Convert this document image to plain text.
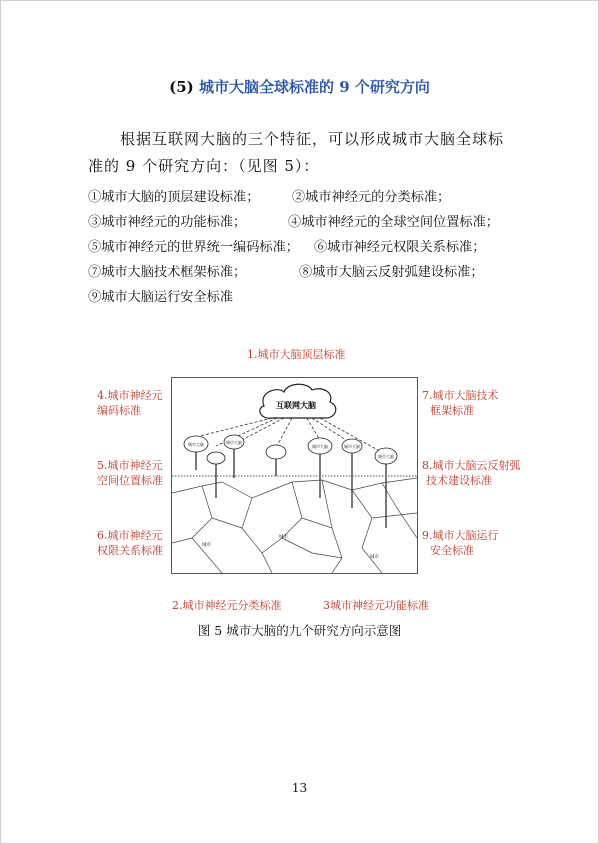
(5) 城市大脑全球标准的 9 个研究方向
根据互联网大脑的三个特征，可以形成城市大脑全球标准的 9 个研究方向：（见图 5）：
①城市大脑的顶层建设标准； ②城市神经元的分类标准；
③城市神经元的功能标准；	④城市神经元的全球空间位置标准；
⑤城市神经元的世界统一编码标准； ⑥城市神经元权限关系标准；
⑦城市大脑技术框架标准；	⑧城市大脑云反射弧建设标准；
⑨城市大脑运行安全标准
1.城市大脑顶层标准
4.城市神经元
编码标准
5.城市神经元
空间位置标准
6.城市神经元
权限关系标准
7.城市大脑技术
框架标准
8.城市大脑云反射弧
技术建设标准
9.城市大脑运行
安全标准
2.城市神经元分类标准	3城市神经元功能标准
互联网大脑
城市大脑	城市大脑
城市大脑	城市大脑
城市大脑
城市
城市
城市
图 5 城市大脑的九个研究方向示意图
13
